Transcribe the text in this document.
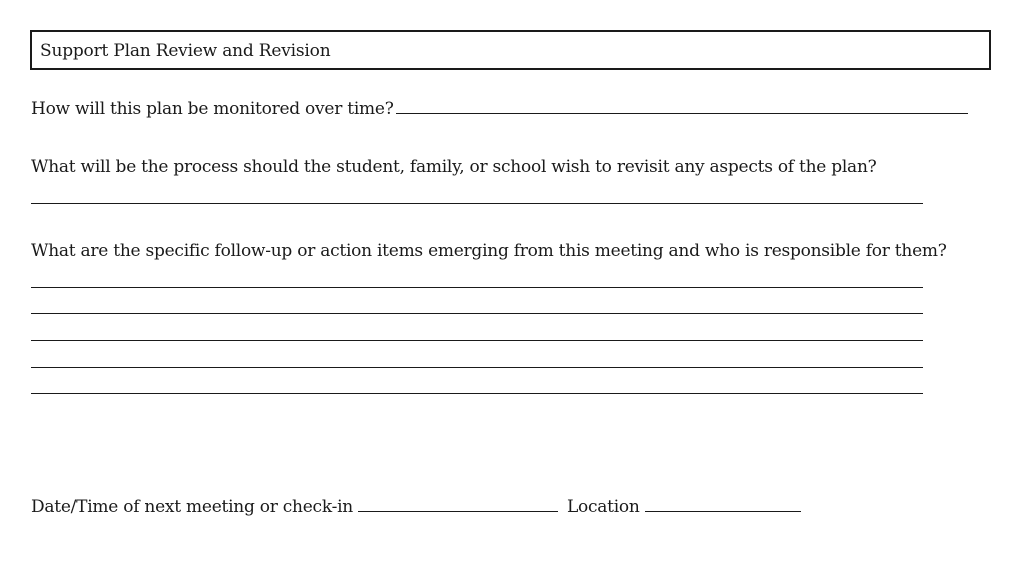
Support Plan Review and Revision
How will this plan be monitored over time?
What will be the process should the student, family, or school wish to revisit any aspects of the plan?
What are the specific follow-up or action items emerging from this meeting and who is responsible for them?
Date/Time of next meeting or check-in	Location
